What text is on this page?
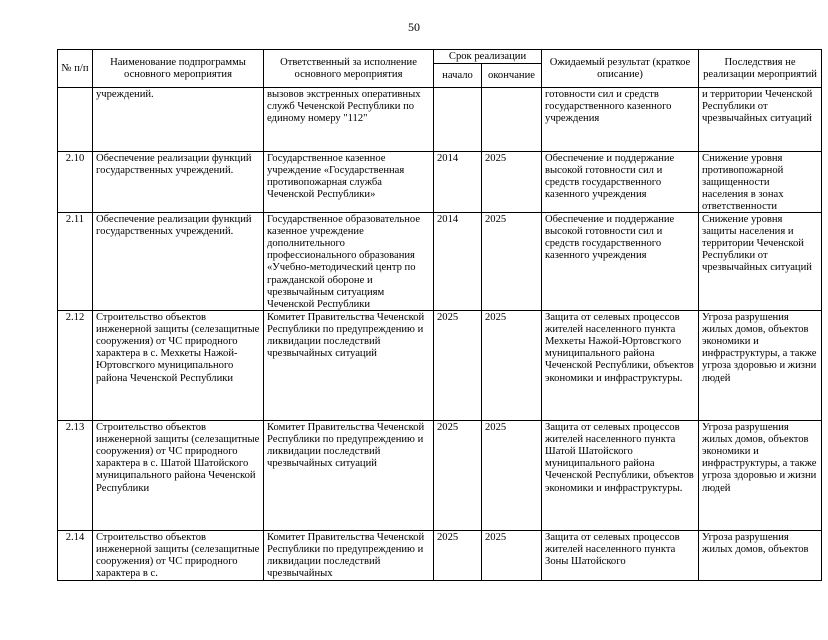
50
№ п/п	Наименование подпрограммы основного мероприятия	Ответственный за исполнение основного мероприятия	Срок реализации		Ожидаемый результат (краткое описание)	Последствия не реализации мероприятий
			начало	окончание		

	учреждений.	вызовов экстренных оперативных служб Чеченской Республики по единому номеру "112"			готовности сил и средств государственного казенного учреждения	и территории Чеченской Республики от чрезвычайных ситуаций

2.10	Обеспечение реализации функций государственных учреждений.	Государственное казенное учреждение «Государственная противопожарная служба Чеченской Республики»	2014	2025	Обеспечение и поддержание высокой готовности сил и средств государственного казенного учреждения	Снижение уровня противопожарной защищенности населения в зонах ответственности

2.11	Обеспечение реализации функций государственных учреждений.	Государственное образовательное казенное учреждение дополнительного профессионального образования «Учебно-методический центр по гражданской обороне и чрезвычайным ситуациям Чеченской Республики	2014	2025	Обеспечение и поддержание высокой готовности сил и средств государственного казенного учреждения	Снижение уровня защиты населения и территории Чеченской Республики от чрезвычайных ситуаций

2.12	Строительство объектов инженерной защиты (селезащитные сооружения) от ЧС природного характера в с. Мехкеты Нажой-Юртовсгкого муниципального района Чеченской Республики	Комитет Правительства Чеченской Республики по предупреждению и ликвидации последствий чрезвычайных ситуаций	2025	2025	Защита от селевых процессов жителей населенного пункта Мехкеты Нажой-Юртовсгкого муниципального района Чеченской Республики, объектов экономики и инфраструктуры.	Угроза разрушения жилых домов, объектов экономики и инфраструктуры, а также угроза здоровью и жизни людей

2.13	Строительство объектов инженерной защиты (селезащитные сооружения) от ЧС природного характера в с. Шатой Шатойского муниципального района Чеченской Республики	Комитет Правительства Чеченской Республики по предупреждению и ликвидации последствий чрезвычайных ситуаций	2025	2025	Защита от селевых процессов жителей населенного пункта Шатой Шатойского муниципального района Чеченской Республики, объектов экономики и инфраструктуры.	Угроза разрушения жилых домов, объектов экономики и инфраструктуры, а также угроза здоровью и жизни людей

2.14	Строительство объектов инженерной защиты (селезащитные сооружения) от ЧС природного характера в с.	Комитет Правительства Чеченской Республики по предупреждению и ликвидации последствий чрезвычайных	2025	2025	Защита от селевых процессов жителей населенного пункта Зоны Шатойского	Угроза разрушения жилых домов, объектов
